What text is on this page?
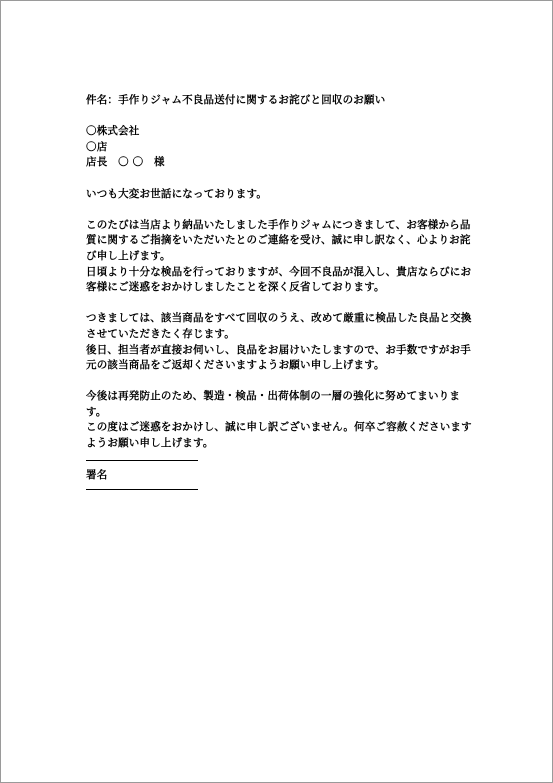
件名：手作りジャム不良品送付に関するお詫びと回収のお願い
〇株式会社
〇店
店長　〇 〇　様
いつも大変お世話になっております。
このたびは当店より納品いたしました手作りジャムにつきまして、お客様から品質に関するご指摘をいただいたとのご連絡を受け、誠に申し訳なく、心よりお詫び申し上げます。
日頃より十分な検品を行っておりますが、今回不良品が混入し、貴店ならびにお客様にご迷惑をおかけしましたことを深く反省しております。
つきましては、該当商品をすべて回収のうえ、改めて厳重に検品した良品と交換させていただきたく存じます。
後日、担当者が直接お伺いし、良品をお届けいたしますので、お手数ですがお手元の該当商品をご返却くださいますようお願い申し上げます。
今後は再発防止のため、製造・検品・出荷体制の一層の強化に努めてまいります。
この度はご迷惑をおかけし、誠に申し訳ございません。何卒ご容赦くださいますようお願い申し上げます。
署名
